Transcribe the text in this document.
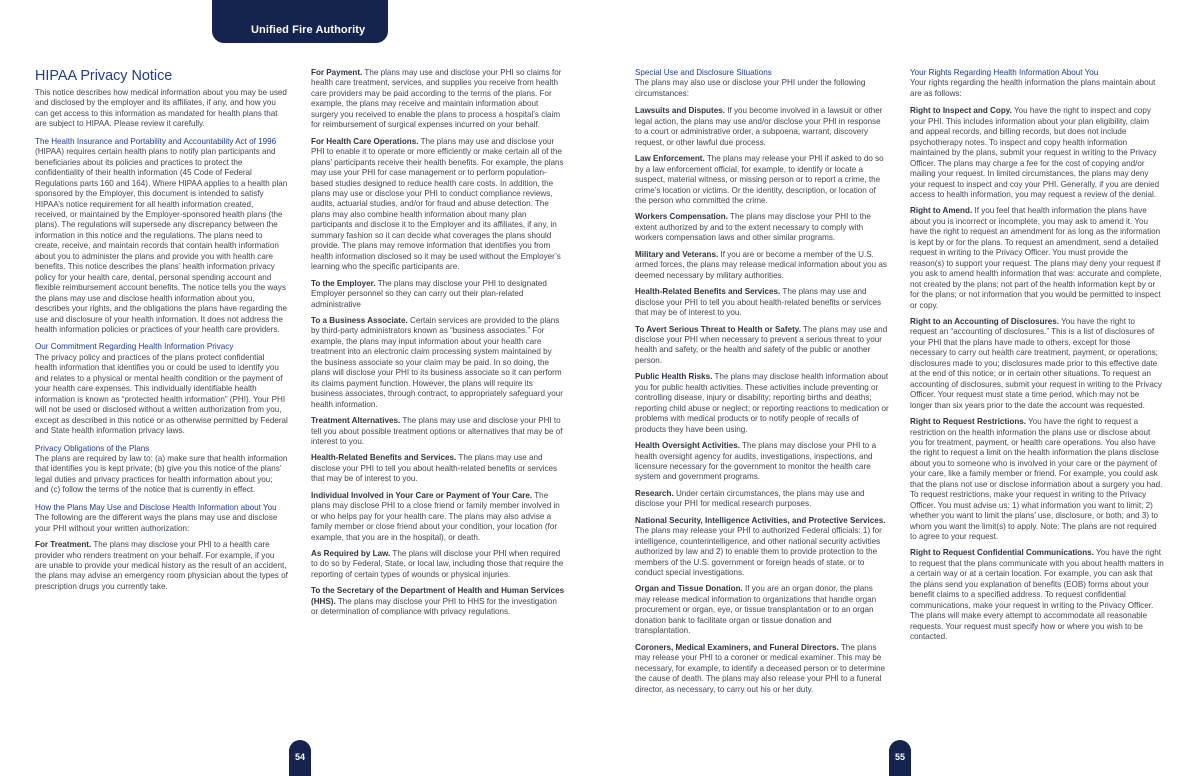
Unified Fire Authority
HIPAA Privacy Notice
This notice describes how medical information about you may be used and disclosed by the employer and its affiliates, if any, and how you can get access to this information as mandated for health plans that are subject to HIPAA. Please review it carefully.
The Health Insurance and Portability and Accountability Act of 1996
(HIPAA) requires certain health plans to notify plan participants and beneficiaries about its policies and practices to protect the confidentiality of their health information (45 Code of Federal Regulations parts 160 and 164). Where HIPAA applies to a health plan sponsored by the Employer, this document is intended to satisfy HIPAA’s notice requirement for all health information created, received, or maintained by the Employer-sponsored health plans (the plans). The regulations will supersede any discrepancy between the information in this notice and the regulations. The plans need to create, receive, and maintain records that contain health information about you to administer the plans and provide you with health care benefits. This notice describes the plans’ health information privacy policy for your health care, dental, personal spending account and flexible reimbursement account benefits. The notice tells you the ways the plans may use and disclose health information about you, describes your rights, and the obligations the plans have regarding the use and disclosure of your health information. It does not address the health information policies or practices of your health care providers.
Our Commitment Regarding Health Information Privacy
The privacy policy and practices of the plans protect confidential health information that identifies you or could be used to identify you and relates to a physical or mental health condition or the payment of your health care expenses. This individually identifiable health information is known as “protected health information” (PHI). Your PHI will not be used or disclosed without a written authorization from you, except as described in this notice or as otherwise permitted by Federal and State health information privacy laws.
Privacy Obligations of the Plans
The plans are required by law to: (a) make sure that health information that identifies you is kept private; (b) give you this notice of the plans’ legal duties and privacy practices for health information about you; and (c) follow the terms of the notice that is currently in effect.
How the Plans May Use and Disclose Health Information about You
The following are the different ways the plans may use and disclose your PHI without your written authorization:
For Treatment. The plans may disclose your PHI to a health care provider who renders treatment on your behalf. For example, if you are unable to provide your medical history as the result of an accident, the plans may advise an emergency room physician about the types of prescription drugs you currently take.
For Payment. The plans may use and disclose your PHI so claims for health care treatment, services, and supplies you receive from health care providers may be paid according to the terms of the plans. For example, the plans may receive and maintain information about surgery you received to enable the plans to process a hospital’s claim for reimbursement of surgical expenses incurred on your behalf.
For Health Care Operations. The plans may use and disclose your PHI to enable it to operate or more efficiently or make certain all of the plans’ participants receive their health benefits. For example, the plans may use your PHI for case management or to perform population-based studies designed to reduce health care costs. In addition, the plans may use or disclose your PHI to conduct compliance reviews, audits, actuarial studies, and/or for fraud and abuse detection. The plans may also combine health information about many plan participants and disclose it to the Employer and its affiliates, if any, in summary fashion so it can decide what coverages the plans should provide. The plans may remove information that identifies you from health information disclosed so it may be used without the Employer’s learning who the specific participants are.
To the Employer. The plans may disclose your PHI to designated Employer personnel so they can carry out their plan-related administrative
To a Business Associate. Certain services are provided to the plans by third-party administrators known as “business associates.” For example, the plans may input information about your health care treatment into an electronic claim processing system maintained by the business associate so your claim may be paid. In so doing, the plans will disclose your PHI to its business associate so it can perform its claims payment function. However, the plans will require its business associates, through contract, to appropriately safeguard your health information.
Treatment Alternatives. The plans may use and disclose your PHI to tell you about possible treatment options or alternatives that may be of interest to you.
Health-Related Benefits and Services. The plans may use and disclose your PHI to tell you about health-related benefits or services that may be of interest to you.
Individual Involved in Your Care or Payment of Your Care. The plans may disclose PHI to a close friend or family member involved in or who helps pay for your health care. The plans may also advise a family member or close friend about your condition, your location (for example, that you are in the hospital), or death.
As Required by Law. The plans will disclose your PHI when required to do so by Federal, State, or local law, including those that require the reporting of certain types of wounds or physical injuries.
To the Secretary of the Department of Health and Human Services (HHS). The plans may disclose your PHI to HHS for the investigation or determination of compliance with privacy regulations.
Special Use and Disclosure Situations
The plans may also use or disclose your PHI under the following circumstances:
Lawsuits and Disputes. If you become involved in a lawsuit or other legal action, the plans may use and/or disclose your PHI in response to a court or administrative order, a subpoena, warrant, discovery request, or other lawful due process.
Law Enforcement. The plans may release your PHI if asked to do so by a law enforcement official, for example, to identify or locate a suspect, material witness, or missing person or to report a crime, the crime’s location or victims. Or the identity, description, or location of the person who committed the crime.
Workers Compensation. The plans may disclose your PHI to the extent authorized by and to the extent necessary to comply with workers compensation laws and other similar programs.
Military and Veterans. If you are or become a member of the U.S. armed forces, the plans may release medical information about you as deemed necessary by military authorities.
Health-Related Benefits and Services. The plans may use and disclose your PHI to tell you about health-related benefits or services that may be of interest to you.
To Avert Serious Threat to Health or Safety. The plans may use and disclose your PHI when necessary to prevent a serious threat to your health and safety, or the health and safety of the public or another person.
Public Health Risks. The plans may disclose health information about you for public health activities. These activities include preventing or controlling disease, injury or disability; reporting births and deaths; reporting child abuse or neglect; or reporting reactions to medication or problems with medical products or to notify people of recalls of products they have been using.
Health Oversight Activities. The plans may disclose your PHI to a health oversight agency for audits, investigations, inspections, and licensure necessary for the government to monitor the health care system and government programs.
Research. Under certain circumstances, the plans may use and disclose your PHI for medical research purposes.
National Security, Intelligence Activities, and Protective Services. The plans may release your PHI to authorized Federal officials: 1) for intelligence, counterintelligence, and other national security activities authorized by law and 2) to enable them to provide protection to the members of the U.S. government or foreign heads of state, or to conduct special investigations.
Organ and Tissue Donation. If you are an organ donor, the plans may release medical information to organizations that handle organ procurement or organ, eye, or tissue transplantation or to an organ donation bank to facilitate organ or tissue donation and transplantation.
Coroners, Medical Examiners, and Funeral Directors. The plans may release your PHI to a coroner or medical examiner. This may be necessary, for example, to identify a deceased person or to determine the cause of death. The plans may also release your PHI to a funeral director, as necessary, to carry out his or her duty.
Your Rights Regarding Health Information About You
Your rights regarding the health information the plans maintain about are as follows:
Right to Inspect and Copy. You have the right to inspect and copy your PHI. This includes information about your plan eligibility, claim and appeal records, and billing records, but does not include psychotherapy notes. To inspect and copy health information maintained by the plans, submit your request in writing to the Privacy Officer. The plans may charge a fee for the cost of copying and/or mailing your request. In limited circumstances, the plans may deny your request to inspect and coy your PHI. Generally, if you are denied access to health information, you may request a review of the denial.
Right to Amend. If you feel that health information the plans have about you is incorrect or incomplete, you may ask to amend it. You have the right to request an amendment for as long as the information is kept by or for the plans. To request an amendment, send a detailed request in writing to the Privacy Officer. You must provide the reason(s) to support your request. The plans may deny your request if you ask to amend health information that was: accurate and complete, not created by the plans; not part of the health information kept by or for the plans; or not information that you would be permitted to inspect or copy.
Right to an Accounting of Disclosures. You have the right to request an “accounting of disclosures.” This is a list of disclosures of your PHI that the plans have made to others, except for those necessary to carry out health care treatment, payment, or operations; disclosures made to you; disclosures made prior to this effective date at the end of this notice; or in certain other situations. To request an accounting of disclosures, submit your request in writing to the Privacy Officer. Your request must state a time period, which may not be longer than six years prior to the date the account was requested.
Right to Request Restrictions. You have the right to request a restriction on the health information the plans use or disclose about you for treatment, payment, or health care operations. You also have the right to request a limit on the health information the plans disclose about you to someone who is involved in your care or the payment of your care, like a family member or friend. For example, you could ask that the plans not use or disclose information about a surgery you had. To request restrictions, make your request in writing to the Privacy Officer. You must advise us: 1) what information you want to limit; 2) whether you want to limit the plans’ use, disclosure, or both; and 3) to whom you want the limit(s) to apply. Note: The plans are not required to agree to your request.
Right to Request Confidential Communications. You have the right to request that the plans communicate with you about health matters in a certain way or at a certain location. For example, you can ask that the plans send you explanation of benefits (EOB) forms about your benefit claims to a specified address. To request confidential communications, make your request in writing to the Privacy Officer. The plans will make every attempt to accommodate all reasonable requests. Your request must specify how or where you wish to be contacted.
54	55
